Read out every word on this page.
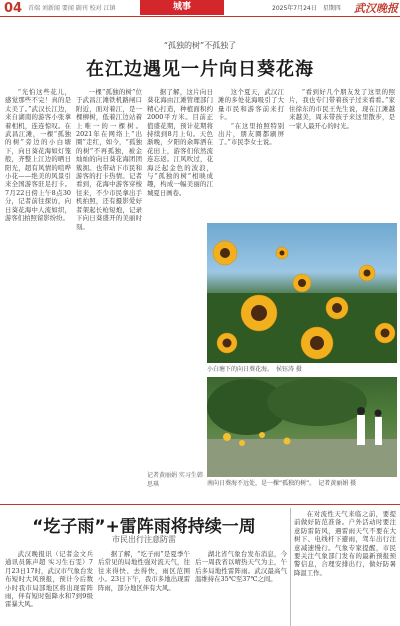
04 首端 刘新闻 要闻 副刊 校对 江镇	城事	2025年7月24日　星期四 武汉晚报
“孤独的树”不孤独了
在江边遇见一片向日葵花海

“光怕这些花儿，感觉那些不完！真的是太美了。”武汉长江边，来自湖南的游客小张拿着相机，连连惊叹。在武昌江滩，一棵“孤独的树”旁边的小白塘下，向日葵花海如灯笼般，齐整上江边的晒日阳光，超有风情的喧哗小花——绝美的风景引来全国游客驻足打卡。7月22日傍上午8点30分，记者前往探访，向日葵花海中人流如织，游客们拍照留影纷纷。

一棵“孤独的树”位于武昌江滩铁机路闸口附近，面对着江，是一棵柳树，低着江边站着上唯一的一棵树。2021年在网络上“出圈”走红，如今，“孤独的树”不再孤独，被金灿灿的向日葵花海团团簇拥。也带动下市民和游客的打卡热情。记者看到，花海中游客穿梭往来，不少市民拿出手机拍照，还有摄影爱好者架起长枪短炮，记录下向日葵盛开的美丽时刻。

据了解，这片向日葵花海由江滩管理部门精心打造，种植面积约2000平方米。目前正值盛花期，预计花期将持续到8月上旬。天色渐晚，夕阳的余晖洒在花田上，游客们依然流连忘返。江风吹过，花海泛起金色的波浪，与“孤独的树”相映成趣，构成一幅美丽的江城夏日画卷。

这个夏天，武汉江滩的多处花海吸引了大量市民和游客前来打卡。

“在这里拍照特别出片，朋友圈都刷屏了。”市民李女士说。

“看到好几个朋友发了这里的照片，我也专门带着孩子过来看看。”家住徐东的市民王先生说，现在江滩越来越美，周末带孩子来这里散步，是一家人最开心的时光。

小白塘下的向日葵花海。　侯钰涛 摄
南向日葵海不远处，是一棵“孤独的树”。　记者黄丽娟 摄
记者黄丽娟 实习生韩思琪
“圪子雨”+雷阵雨将持续一周
市民出行注意防雷

武汉晚报讯（记者金文兵 通讯员陈声超 实习生石雯）7月23日17时，武汉市气象台发布短时大风预报，预计今后数小时我市局部地区将出现雷阵雨，伴有短时强降水和7到9级雷暴大风。

据了解，“圪子雨”是夏季午后常见的局地性强对流天气，往往来得快、去得快，雨区范围小。23日下午，我市多地出现雷阵雨，部分地区伴有大风。

湖北省气象台发布消息，今后一周我省以晴热天气为主，午后多局地性雷阵雨。武汉最高气温维持在35℃至37℃之间。

在对流性天气来临之前，要提前做好防范准备。户外活动时要注意防雷防风，遇雷雨天气不要在大树下、电线杆下避雨，驾车出行注意减速慢行。气象专家提醒，市民要关注气象部门发布的最新预报预警信息，合理安排出行，做好防暑降温工作。
